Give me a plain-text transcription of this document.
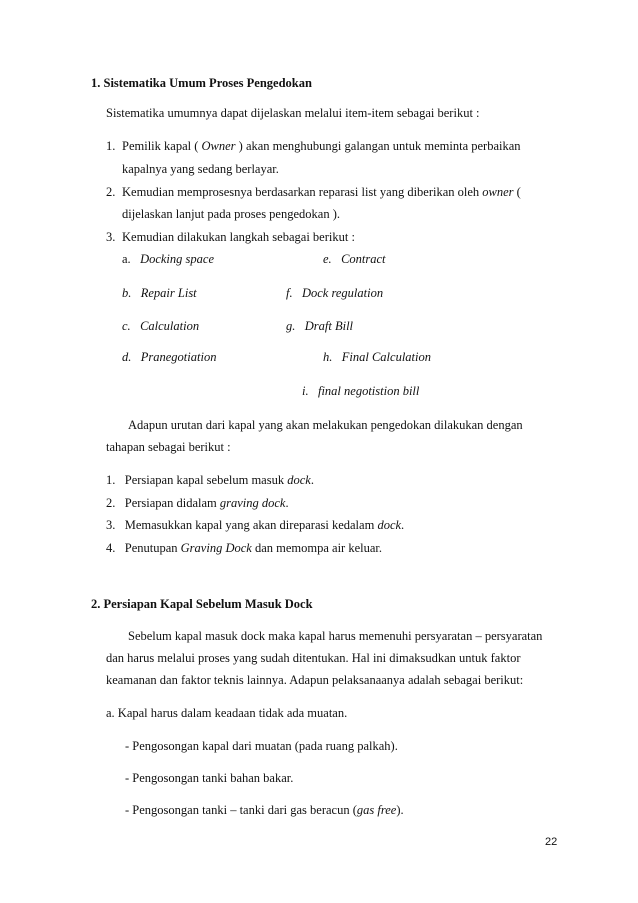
1. Sistematika Umum Proses Pengedokan
Sistematika umumnya dapat dijelaskan melalui item-item sebagai berikut :
1. Pemilik kapal ( Owner ) akan menghubungi galangan untuk meminta perbaikan
kapalnya yang sedang berlayar.
2. Kemudian memprosesnya berdasarkan reparasi list yang diberikan oleh owner (
dijelaskan lanjut pada proses pengedokan ).
3. Kemudian dilakukan langkah sebagai berikut :
a. Docking space	e. Contract
b. Repair List	f. Dock regulation
c. Calculation	g. Draft Bill
d. Pranegotiation	h. Final Calculation
i. final negotistion bill
Adapun urutan dari kapal yang akan melakukan pengedokan dilakukan dengan
tahapan sebagai berikut :
1. Persiapan kapal sebelum masuk dock.
2. Persiapan didalam graving dock.
3. Memasukkan kapal yang akan direparasi kedalam dock.
4. Penutupan Graving Dock dan memompa air keluar.
2. Persiapan Kapal Sebelum Masuk Dock
Sebelum kapal masuk dock maka kapal harus memenuhi persyaratan – persyaratan
dan harus melalui proses yang sudah ditentukan. Hal ini dimaksudkan untuk faktor
keamanan dan faktor teknis lainnya. Adapun pelaksanaanya adalah sebagai berikut:
a. Kapal harus dalam keadaan tidak ada muatan.
- Pengosongan kapal dari muatan (pada ruang palkah).
- Pengosongan tanki bahan bakar.
- Pengosongan tanki – tanki dari gas beracun (gas free).
22
